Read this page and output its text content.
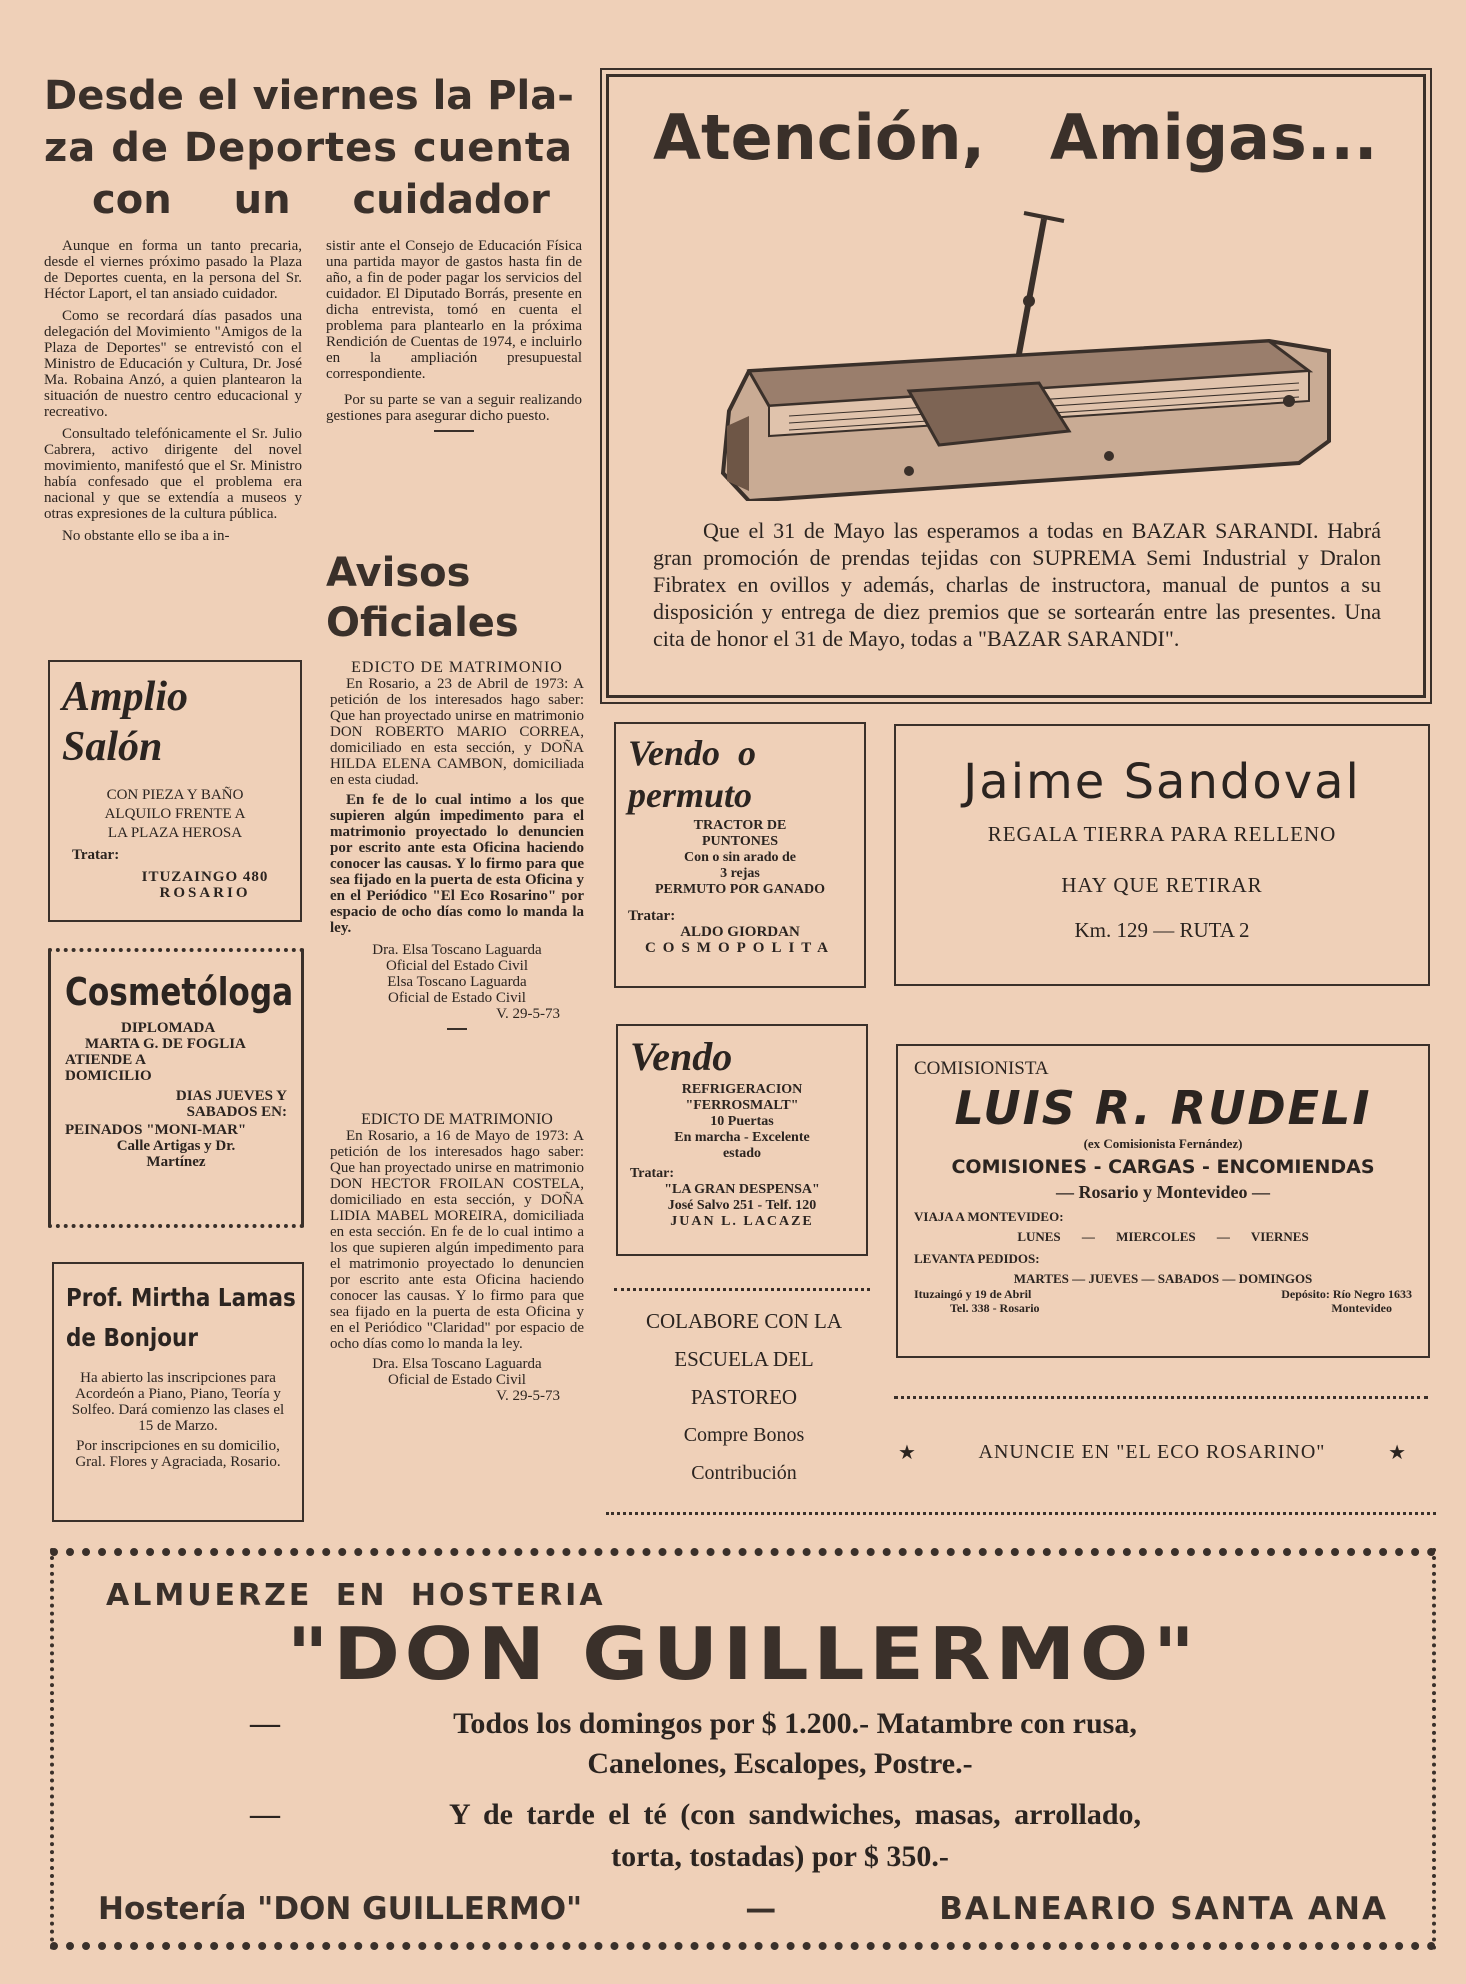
Desde el viernes la Pla-
za de Deportes cuenta
con un cuidador

Aunque en forma un tanto precaria, desde el viernes próximo pasado la Plaza de Deportes cuenta, en la persona del Sr. Héctor Laport, el tan ansiado cuidador.

Como se recordará días pasados una delegación del Movimiento "Amigos de la Plaza de Deportes" se entrevistó con el Ministro de Educación y Cultura, Dr. José Ma. Robaina Anzó, a quien plantearon la situación de nuestro centro educacional y recreativo.

Consultado telefónicamente el Sr. Julio Cabrera, activo dirigente del novel movimiento, manifestó que el Sr. Ministro había confesado que el problema era nacional y que se extendía a museos y otras expresiones de la cultura pública.

No obstante ello se iba a in-

sistir ante el Consejo de Educación Física una partida mayor de gastos hasta fin de año, a fin de poder pagar los servicios del cuidador. El Diputado Borrás, presente en dicha entrevista, tomó en cuenta el problema para plantearlo en la próxima Rendición de Cuentas de 1974, e incluirlo en la ampliación presupuestal correspondiente.

Por su parte se van a seguir realizando gestiones para asegurar dicho puesto.

Avisos
Oficiales
EDICTO DE MATRIMONIO

En Rosario, a 23 de Abril de 1973: A petición de los interesados hago saber: Que han proyectado unirse en matrimonio DON ROBERTO MARIO CORREA, domiciliado en esta sección, y DOÑA HILDA ELENA CAMBON, domiciliada en esta ciudad.

En fe de lo cual intimo a los que supieren algún impedimento para el matrimonio proyectado lo denuncien por escrito ante esta Oficina haciendo conocer las causas. Y lo firmo para que sea fijado en la puerta de esta Oficina y en el Periódico "El Eco Rosarino" por espacio de ocho días como lo manda la ley.

Dra. Elsa Toscano Laguarda
Oficial del Estado Civil
Elsa Toscano Laguarda
Oficial de Estado Civil
V. 29-5-73
EDICTO DE MATRIMONIO

En Rosario, a 16 de Mayo de 1973: A petición de los interesados hago saber: Que han proyectado unirse en matrimonio DON HECTOR FROILAN COSTELA, domiciliado en esta sección, y DOÑA LIDIA MABEL MOREIRA, domiciliada en esta sección. En fe de lo cual intimo a los que supieren algún impedimento para el matrimonio proyectado lo denuncien por escrito ante esta Oficina haciendo conocer las causas. Y lo firmo para que sea fijado en la puerta de esta Oficina y en el Periódico "Claridad" por espacio de ocho días como lo manda la ley.

Dra. Elsa Toscano Laguarda
Oficial de Estado Civil
V. 29-5-73
Amplio
Salón
CON PIEZA Y BAÑO
ALQUILO FRENTE A
LA PLAZA HEROSA
Tratar:
ITUZAINGO 480
ROSARIO
Cosmetóloga
DIPLOMADA
MARTA G. DE FOGLIA
ATIENDE A
DOMICILIO
DIAS JUEVES Y
SABADOS EN:
PEINADOS "MONI-MAR"
Calle Artigas y Dr.
Martínez
Prof. Mirtha Lamas
de Bonjour

Ha abierto las inscripciones para Acordeón a Piano, Piano, Teoría y Solfeo. Dará comienzo las clases el 15 de Marzo.

Por inscripciones en su domicilio, Gral. Flores y Agraciada, Rosario.

Atención,   Amigas...

Que el 31 de Mayo las esperamos a todas en BAZAR SARANDI. Habrá gran promoción de prendas tejidas con SUPREMA Semi Industrial y Dralon Fibratex en ovillos y además, charlas de instructora, manual de puntos a su disposición y entrega de diez premios que se sortearán entre las presentes. Una cita de honor el 31 de Mayo, todas a "BAZAR SARANDI".

Vendo  o
permuto
TRACTOR DE
PUNTONES
Con o sin arado de
3 rejas
PERMUTO POR GANADO
Tratar:
ALDO GIORDAN
COSMOPOLITA
Jaime Sandoval
REGALA TIERRA PARA RELLENO
HAY QUE RETIRAR
Km. 129 — RUTA 2
Vendo
REFRIGERACION
"FERROSMALT"
10 Puertas
En marcha - Excelente
estado
Tratar:
"LA GRAN DESPENSA"
José Salvo 251 - Telf. 120
JUAN L. LACAZE
COMISIONISTA
LUIS R. RUDELI
(ex Comisionista Fernández)
COMISIONES - CARGAS - ENCOMIENDAS
— Rosario y Montevideo —
VIAJA A MONTEVIDEO:
LUNES — MIERCOLES — VIERNES
LEVANTA PEDIDOS:
MARTES — JUEVES — SABADOS — DOMINGOS
Ituzaingó y 19 de Abril
Tel. 338 - Rosario
Depósito: Río Negro 1633
Montevideo
COLABORE CON LA
ESCUELA DEL
PASTOREO
Compre Bonos
Contribución
★	ANUNCIE EN "EL ECO ROSARINO"	★
ALMUERZE EN HOSTERIA
"DON GUILLERMO"
—	Todos los domingos por $ 1.200.- Matambre con rusa,
Canelones, Escalopes, Postre.-
—	Y de tarde el té (con sandwiches, masas, arrollado,
torta, tostadas) por $ 350.-
Hostería "DON GUILLERMO"	—	BALNEARIO SANTA ANA
